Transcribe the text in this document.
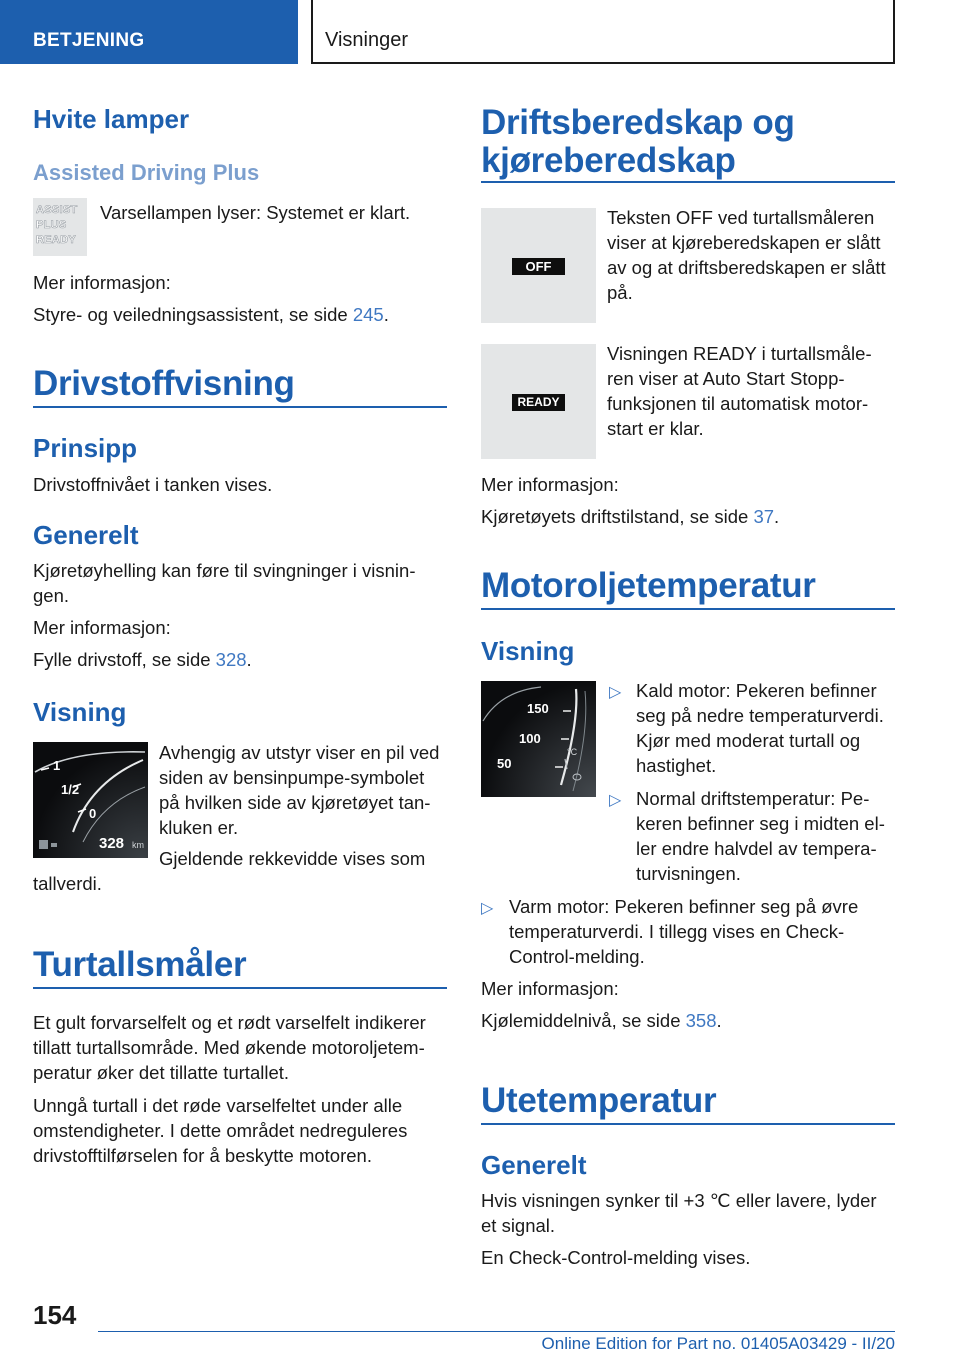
BETJENING	Visninger
Hvite lamper
Assisted Driving Plus
ASSIST
PLUS
READY
Varsellampen lyser: Systemet er klart.
Mer informasjon:
Styre- og veiledningsassistent, se side 245.
Drivstoffvisning
Prinsipp
Drivstoffnivået i tanken vises.
Generelt
Kjøretøyhelling kan føre til svingninger i visnin-
gen.
Mer informasjon:
Fylle drivstoff, se side 328.
Visning
1
1/2
0
328 km
Avhengig av utstyr viser en pil ved
siden av bensinpumpe-symbolet
på hvilken side av kjøretøyet tan-
kluken er.
Gjeldende rekkevidde vises som
tallverdi.
Turtallsmåler
Et gult forvarselfelt og et rødt varselfelt indikerer
tillatt turtallsområde. Med økende motoroljetem-
peratur øker det tillatte turtallet.
Unngå turtall i det røde varselfeltet under alle
omstendigheter. I dette området nedreguleres
drivstofftilførselen for å beskytte motoren.
Driftsberedskap og
kjøreberedskap
OFF
Teksten OFF ved turtallsmåleren
viser at kjøreberedskapen er slått
av og at driftsberedskapen er slått
på.
READY
Visningen READY i turtallsmåle-
ren viser at Auto Start Stopp-
funksjonen til automatisk motor-
start er klar.
Mer informasjon:
Kjøretøyets driftstilstand, se side 37.
Motoroljetemperatur
Visning
150
100
50
°C
▷ Kald motor: Pekeren befinner
seg på nedre temperaturverdi.
Kjør med moderat turtall og
hastighet.
▷ Normal driftstemperatur: Pe-
keren befinner seg i midten el-
ler endre halvdel av tempera-
turvisningen.
▷ Varm motor: Pekeren befinner seg på øvre
temperaturverdi. I tillegg vises en Check-
Control-melding.
Mer informasjon:
Kjølemiddelnivå, se side 358.
Utetemperatur
Generelt
Hvis visningen synker til +3 ℃ eller lavere, lyder
et signal.
En Check-Control-melding vises.
154
Online Edition for Part no. 01405A03429 - II/20
